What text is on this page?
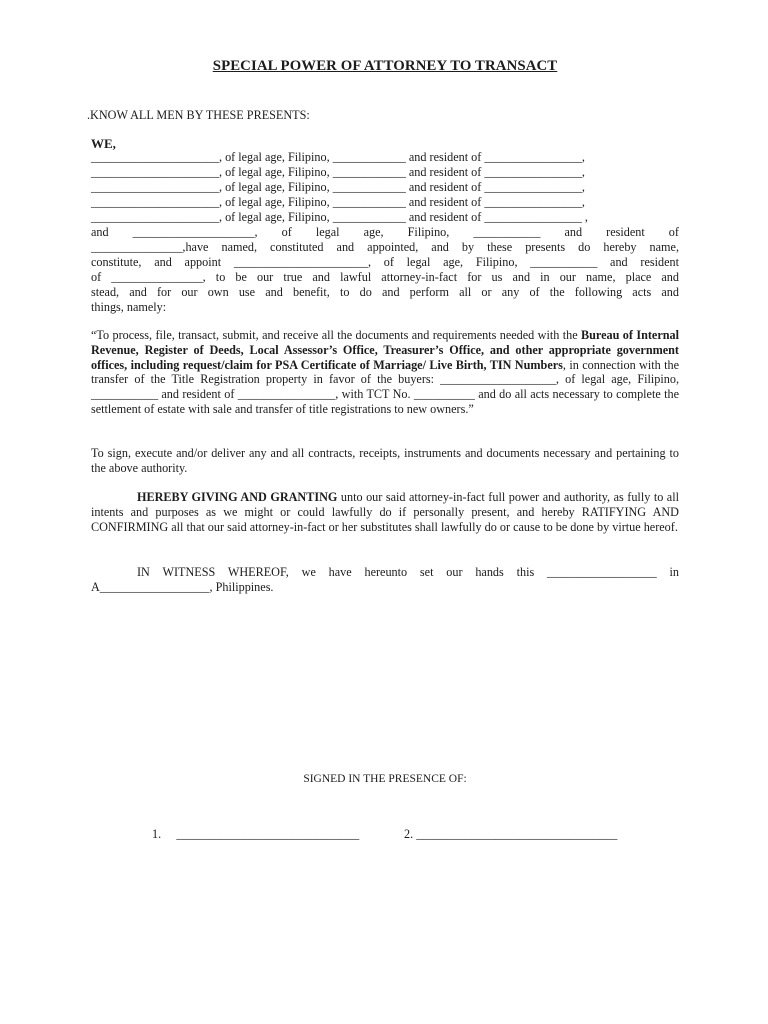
SPECIAL POWER OF ATTORNEY TO TRANSACT
.KNOW ALL MEN BY THESE PRESENTS:
WE,
_____________________, of legal age, Filipino, ____________ and resident of ________________,
_____________________, of legal age, Filipino, ____________ and resident of ________________,
_____________________, of legal age, Filipino, ____________ and resident of ________________,
_____________________, of legal age, Filipino, ____________ and resident of ________________,
_____________________, of legal age, Filipino, ____________ and resident of ________________ ,
and ____________________, of legal age, Filipino, ___________ and resident of
_______________,have named, constituted and appointed, and by these presents do hereby name,
constitute, and appoint ______________________, of legal age, Filipino, ___________ and resident
of _______________, to be our true and lawful attorney-in-fact for us and in our name, place and
stead, and for our own use and benefit, to do and perform all or any of the following acts and
things, namely:
“To process, file, transact, submit, and receive all the documents and requirements needed with the Bureau of Internal Revenue, Register of Deeds, Local Assessor’s Office, Treasurer’s Office, and other appropriate government offices, including request/claim for PSA Certificate of Marriage/ Live Birth, TIN Numbers, in connection with the transfer of the Title Registration property in favor of the buyers: ___________________, of legal age, Filipino, ___________ and resident of ________________, with TCT No. __________ and do all acts necessary to complete the settlement of estate with sale and transfer of title registrations to new owners.”
To sign, execute and/or deliver any and all contracts, receipts, instruments and documents necessary and pertaining to the above authority.
HEREBY GIVING AND GRANTING unto our said attorney-in-fact full power and authority, as fully to all intents and purposes as we might or could lawfully do if personally present, and hereby RATIFYING AND CONFIRMING all that our said attorney-in-fact or her substitutes shall lawfully do or cause to be done by virtue hereof.
IN WITNESS WHEREOF, we have hereunto set our hands this __________________ in A__________________, Philippines.
SIGNED IN THE PRESENCE OF:
1. ______________________________	2. _________________________________
